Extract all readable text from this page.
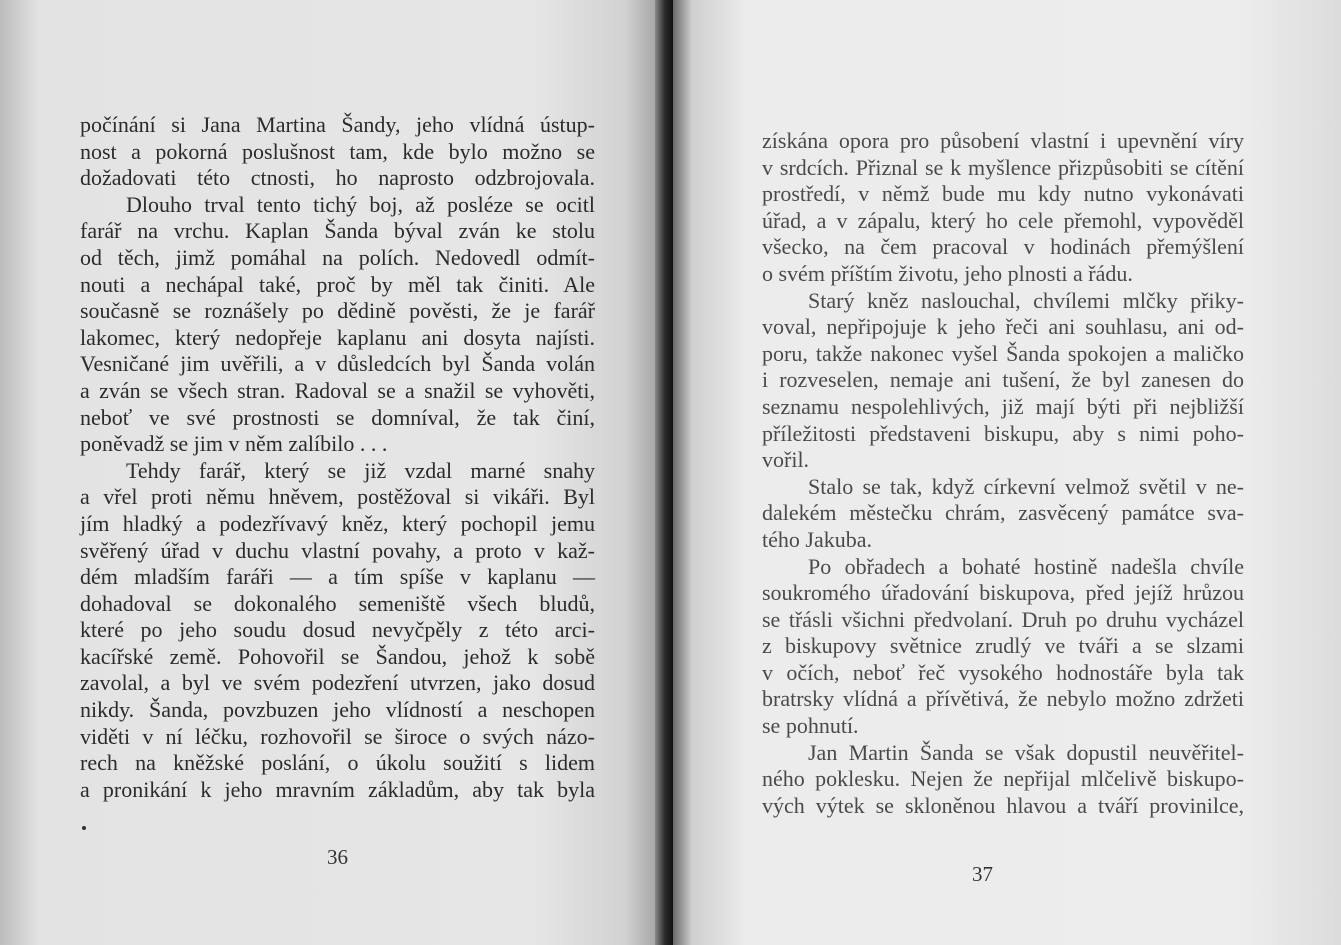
počínání si Jana Martina Šandy, jeho vlídná ústup-
nost a pokorná poslušnost tam, kde bylo možno se
dožadovati této ctnosti, ho naprosto odzbrojovala.
Dlouho trval tento tichý boj, až posléze se ocitl
farář na vrchu. Kaplan Šanda býval zván ke stolu
od těch, jimž pomáhal na polích. Nedovedl odmít-
nouti a nechápal také, proč by měl tak činiti. Ale
současně se roznášely po dědině pověsti, že je farář
lakomec, který nedopřeje kaplanu ani dosyta najísti.
Vesničané jim uvěřili, a v důsledcích byl Šanda volán
a zván se všech stran. Radoval se a snažil se vyhověti,
neboť ve své prostnosti se domníval, že tak činí,
poněvadž se jim v něm zalíbilo . . .
Tehdy farář, který se již vzdal marné snahy
a vřel proti němu hněvem, postěžoval si vikáři. Byl
jím hladký a podezřívavý kněz, který pochopil jemu
svěřený úřad v duchu vlastní povahy, a proto v kaž-
dém mladším faráři — a tím spíše v kaplanu —
dohadoval se dokonalého semeniště všech bludů,
které po jeho soudu dosud nevyčpěly z této arci-
kacířské země. Pohovořil se Šandou, jehož k sobě
zavolal, a byl ve svém podezření utvrzen, jako dosud
nikdy. Šanda, povzbuzen jeho vlídností a neschopen
viděti v ní léčku, rozhovořil se široce o svých názo-
rech na kněžské poslání, o úkolu soužití s lidem
a pronikání k jeho mravním základům, aby tak byla
36
získána opora pro působení vlastní i upevnění víry
v srdcích. Přiznal se k myšlence přizpůsobiti se cítění
prostředí, v němž bude mu kdy nutno vykonávati
úřad, a v zápalu, který ho cele přemohl, vypověděl
všecko, na čem pracoval v hodinách přemýšlení
o svém příštím životu, jeho plnosti a řádu.
Starý kněz naslouchal, chvílemi mlčky přiky-
voval, nepřipojuje k jeho řeči ani souhlasu, ani od-
poru, takže nakonec vyšel Šanda spokojen a maličko
i rozveselen, nemaje ani tušení, že byl zanesen do
seznamu nespolehlivých, již mají býti při nejbližší
příležitosti představeni biskupu, aby s nimi poho-
vořil.
Stalo se tak, když církevní velmož světil v ne-
dalekém městečku chrám, zasvěcený památce sva-
tého Jakuba.
Po obřadech a bohaté hostině nadešla chvíle
soukromého úřadování biskupova, před jejíž hrůzou
se třásli všichni předvolaní. Druh po druhu vycházel
z biskupovy světnice zrudlý ve tváři a se slzami
v očích, neboť řeč vysokého hodnostáře byla tak
bratrsky vlídná a přívětivá, že nebylo možno zdržeti
se pohnutí.
Jan Martin Šanda se však dopustil neuvěřitel-
ného poklesku. Nejen že nepřijal mlčelivě biskupo-
vých výtek se skloněnou hlavou a tváří provinilce,
37
